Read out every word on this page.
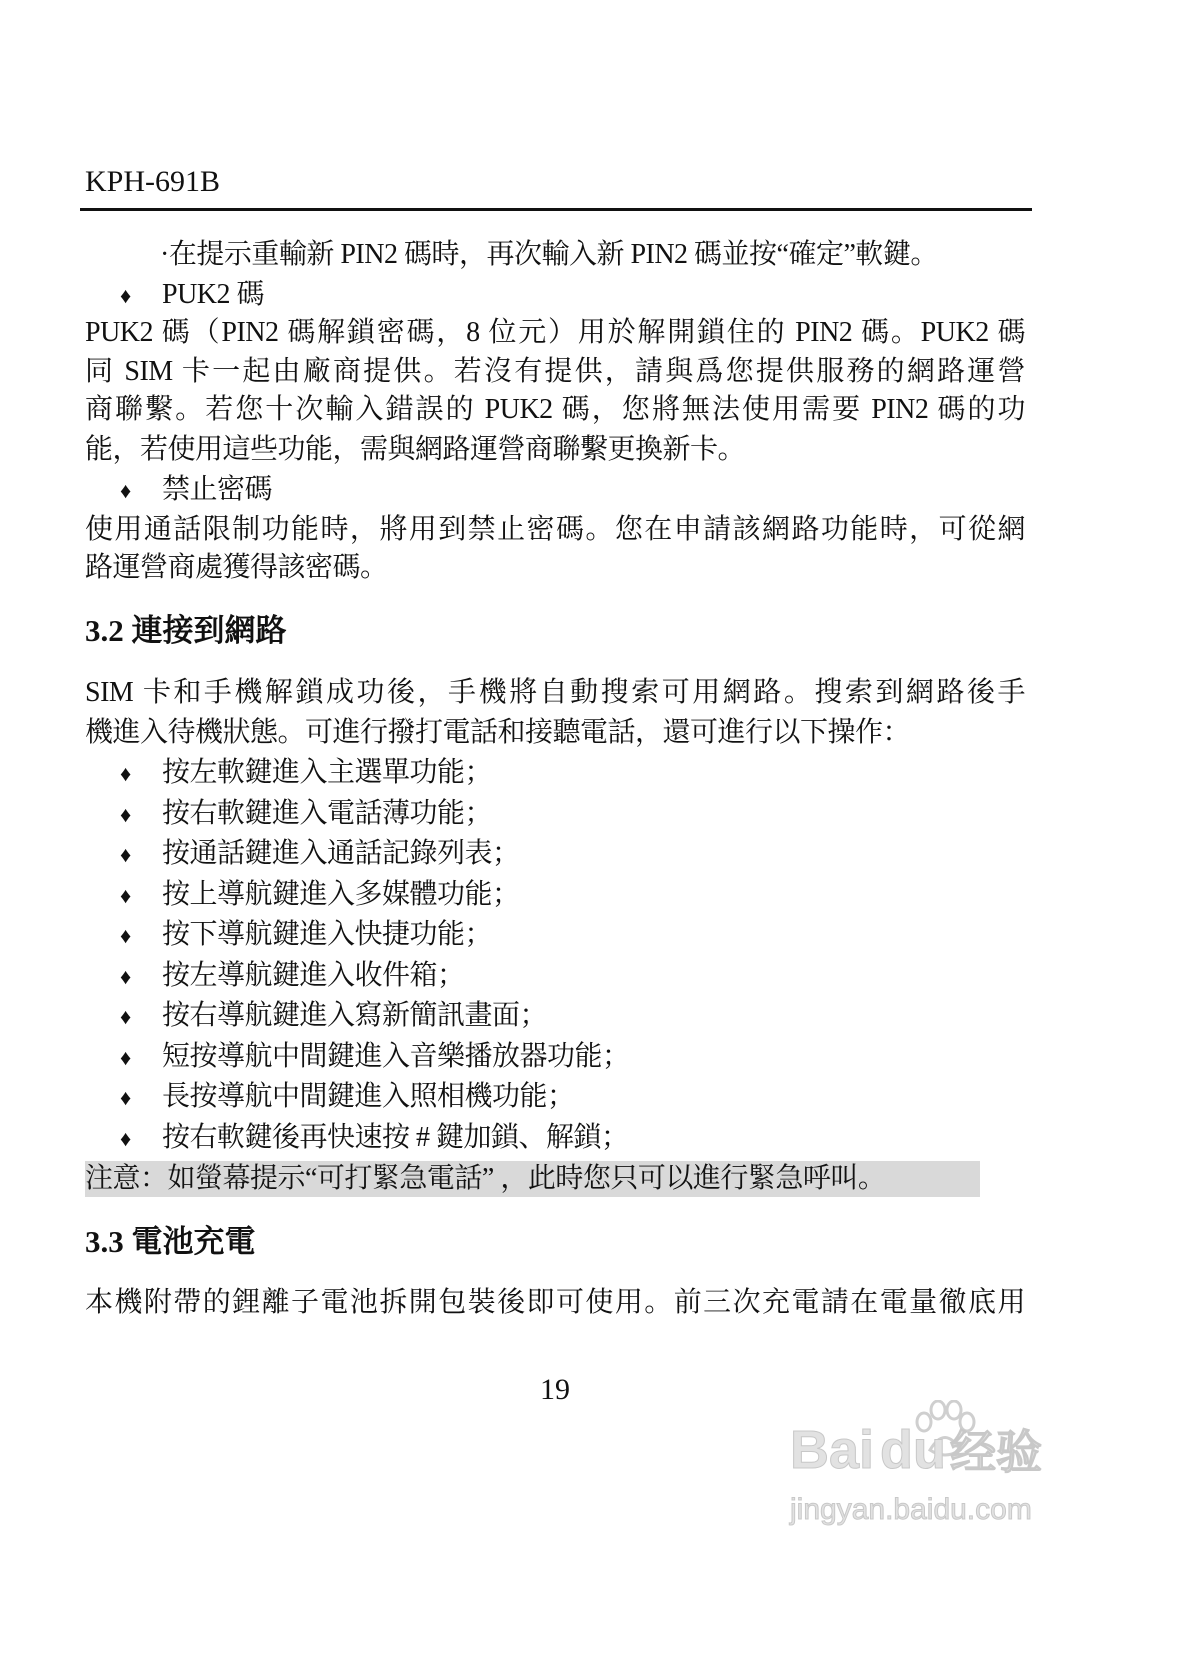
KPH-691B
·在提示重輸新 PIN2 碼時，再次輸入新 PIN2 碼並按“確定”軟鍵。
♦ PUK2 碼
PUK2 碼（PIN2 碼解鎖密碼，8 位元）用於解開鎖住的 PIN2 碼。PUK2 碼
同 SIM 卡一起由廠商提供。若沒有提供，請與爲您提供服務的網路運營
商聯繫。若您十次輸入錯誤的 PUK2 碼，您將無法使用需要 PIN2 碼的功
能，若使用這些功能，需與網路運營商聯繫更換新卡。
♦ 禁止密碼
使用通話限制功能時，將用到禁止密碼。您在申請該網路功能時，可從網
路運營商處獲得該密碼。
3.2 連接到網路
SIM 卡和手機解鎖成功後，手機將自動搜索可用網路。搜索到網路後手
機進入待機狀態。可進行撥打電話和接聽電話，還可進行以下操作：
♦ 按左軟鍵進入主選單功能；
♦ 按右軟鍵進入電話薄功能；
♦ 按通話鍵進入通話記錄列表；
♦ 按上導航鍵進入多媒體功能；
♦ 按下導航鍵進入快捷功能；
♦ 按左導航鍵進入收件箱；
♦ 按右導航鍵進入寫新簡訊畫面；
♦ 短按導航中間鍵進入音樂播放器功能；
♦ 長按導航中間鍵進入照相機功能；
♦ 按右軟鍵後再快速按 # 鍵加鎖、解鎖；
注意：如螢幕提示“可打緊急電話” ，此時您只可以進行緊急呼叫。
3.3 電池充電
本機附帶的鋰離子電池拆開包裝後即可使用。前三次充電請在電量徹底用
19
Bai du经验
jingyan.baidu.com
